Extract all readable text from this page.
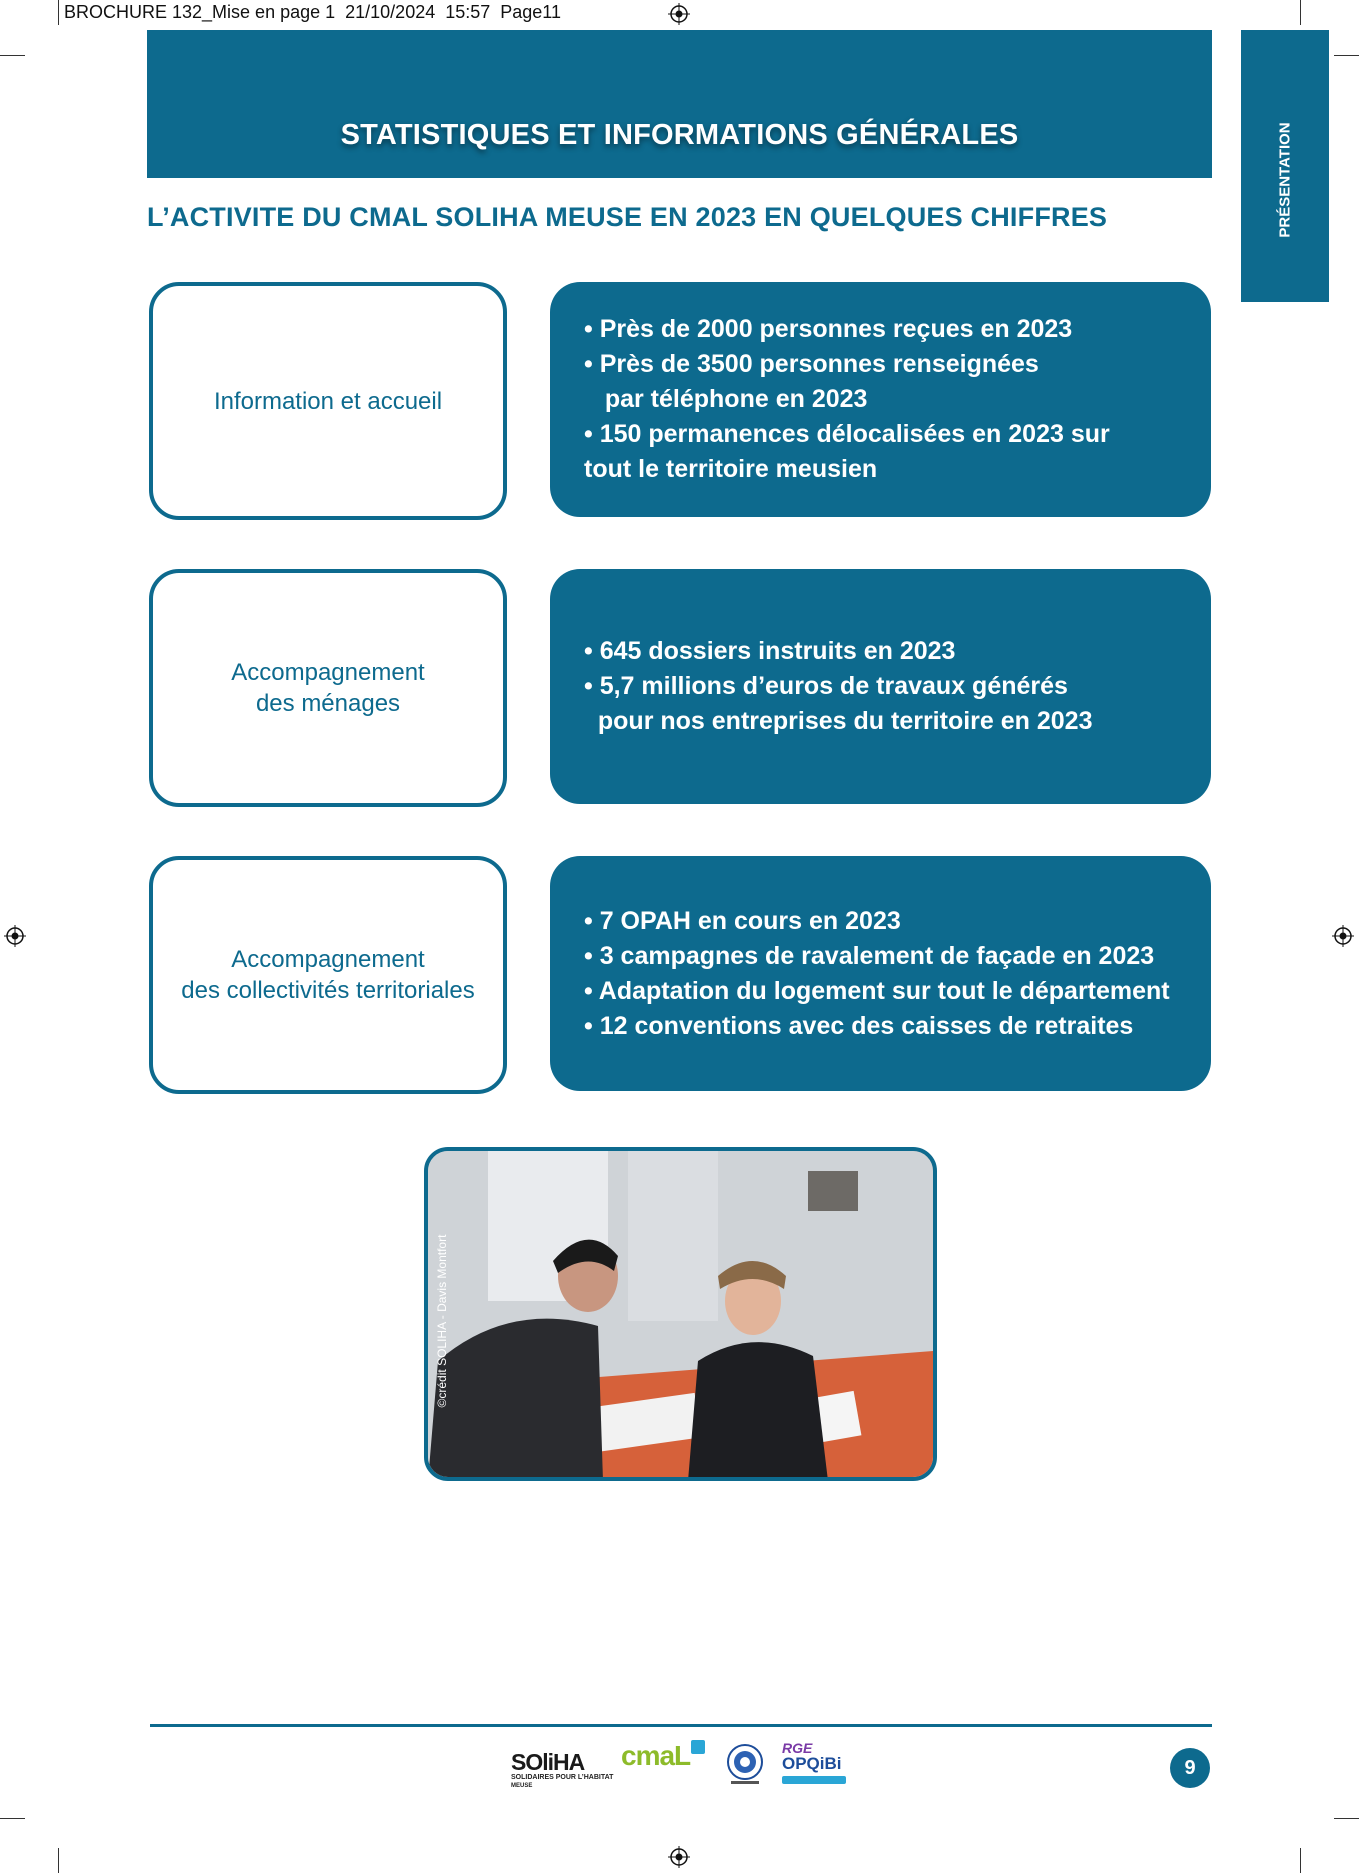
BROCHURE 132_Mise en page 1  21/10/2024  15:57  Page11
STATISTIQUES ET INFORMATIONS GÉNÉRALES	PRÉSENTATION
L’ACTIVITE DU CMAL SOLIHA MEUSE EN 2023 EN QUELQUES CHIFFRES
Information et accueil
• Près de 2000 personnes reçues en 2023
• Près de 3500 personnes renseignées
par téléphone en 2023
• 150 permanences délocalisées en 2023 sur
tout le territoire meusien
Accompagnement
des ménages
• 645 dossiers instruits en 2023
• 5,7 millions d’euros de travaux générés
pour nos entreprises du territoire en 2023
Accompagnement
des collectivités territoriales
• 7 OPAH en cours en 2023
• 3 campagnes de ravalement de façade en 2023
• Adaptation du logement sur tout le département
• 12 conventions avec des caisses de retraites
©crédit SOLIHA - Davis Montfort
SOliHA
SOLIDAIRES POUR L’HABITAT
MEUSE
cmaL	RGE
OPQiBi	9
